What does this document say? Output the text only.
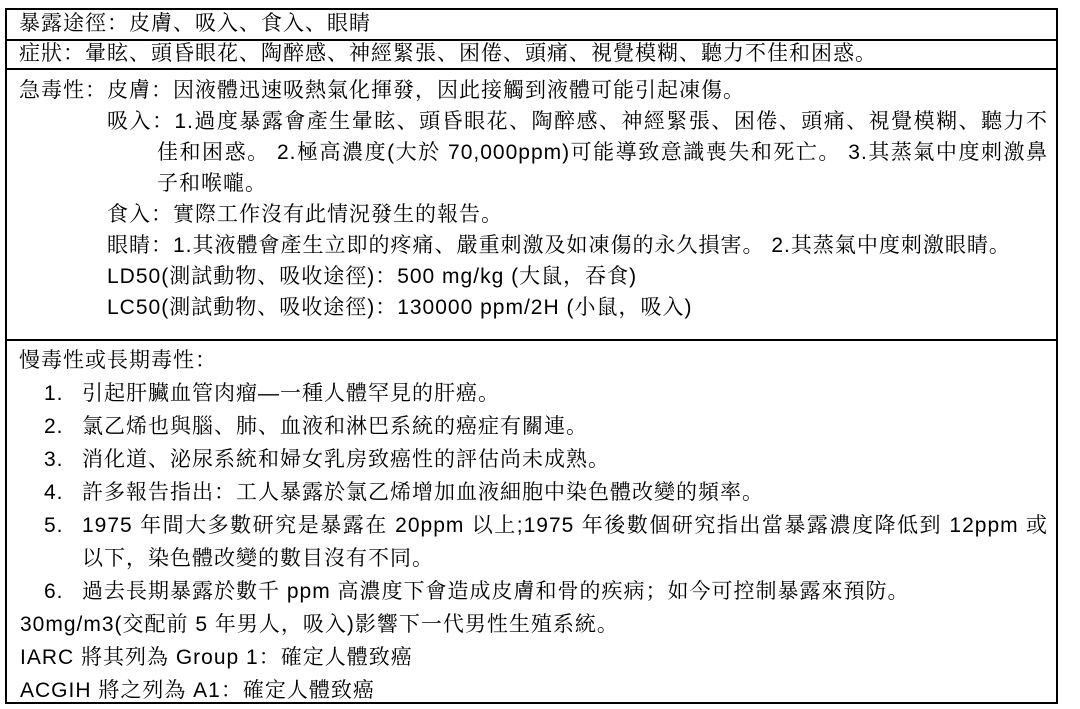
暴露途徑：皮膚、吸入、食入、眼睛
症狀：暈眩、頭昏眼花、陶醉感、神經緊張、困倦、頭痛、視覺模糊、聽力不佳和困惑。
急毒性：皮膚：因液體迅速吸熱氣化揮發，因此接觸到液體可能引起凍傷。
吸入：1.過度暴露會產生暈眩、頭昏眼花、陶醉感、神經緊張、困倦、頭痛、視覺模糊、聽力不佳和困惑。 2.極高濃度(大於 70,000ppm)可能導致意識喪失和死亡。 3.其蒸氣中度刺激鼻子和喉嚨。
食入：實際工作沒有此情況發生的報告。
眼睛：1.其液體會產生立即的疼痛、嚴重刺激及如凍傷的永久損害。 2.其蒸氣中度刺激眼睛。
LD50(測試動物、吸收途徑)：500 mg/kg (大鼠，吞食)
LC50(測試動物、吸收途徑)：130000 ppm/2H (小鼠，吸入)
慢毒性或長期毒性：
1. 引起肝臟血管肉瘤—一種人體罕見的肝癌。
2. 氯乙烯也與腦、肺、血液和淋巴系統的癌症有關連。
3. 消化道、泌尿系統和婦女乳房致癌性的評估尚未成熟。
4. 許多報告指出：工人暴露於氯乙烯增加血液細胞中染色體改變的頻率。
5. 1975 年間大多數研究是暴露在 20ppm 以上;1975 年後數個研究指出當暴露濃度降低到 12ppm 或以下，染色體改變的數目沒有不同。
6. 過去長期暴露於數千 ppm 高濃度下會造成皮膚和骨的疾病；如今可控制暴露來預防。
30mg/m3(交配前 5 年男人，吸入)影響下一代男性生殖系統。
IARC 將其列為 Group 1：確定人體致癌
ACGIH 將之列為 A1：確定人體致癌
